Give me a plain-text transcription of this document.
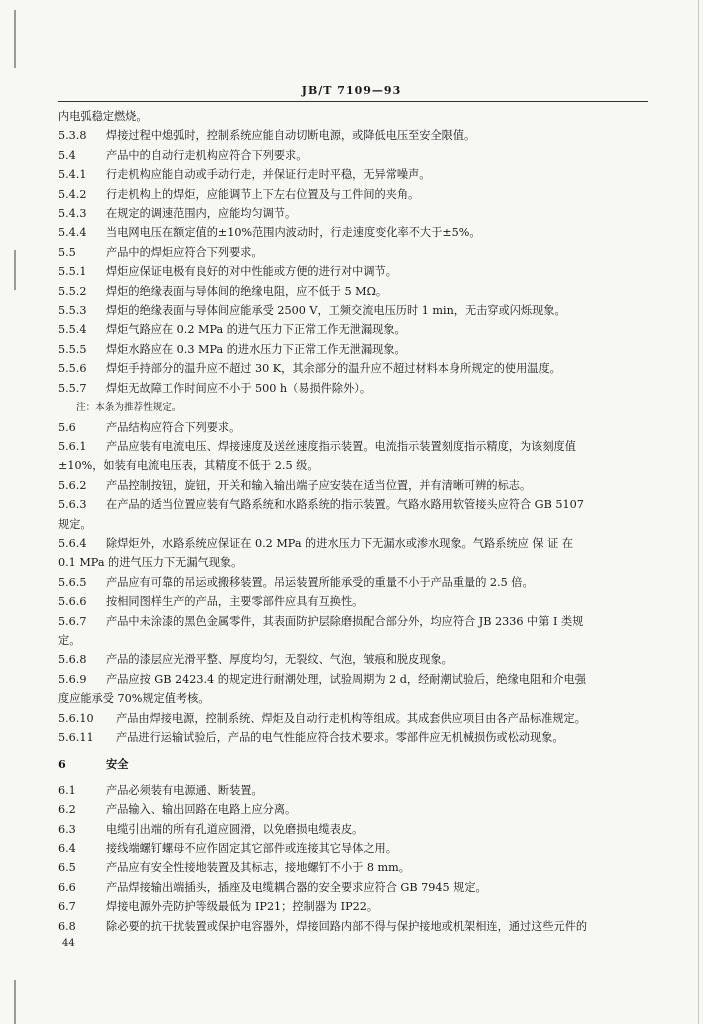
JB/T 7109—93
内电弧稳定燃烧。
5.3.8 焊接过程中熄弧时，控制系统应能自动切断电源，或降低电压至安全限值。
5.4	产品中的自动行走机构应符合下列要求。
5.4.1 行走机构应能自动或手动行走，并保证行走时平稳，无异常噪声。
5.4.2 行走机构上的焊炬，应能调节上下左右位置及与工件间的夹角。
5.4.3 在规定的调速范围内，应能均匀调节。
5.4.4 当电网电压在额定值的±10%范围内波动时，行走速度变化率不大于±5%。
5.5	产品中的焊炬应符合下列要求。
5.5.1 焊炬应保证电极有良好的对中性能或方便的进行对中调节。
5.5.2 焊炬的绝缘表面与导体间的绝缘电阻，应不低于 5 MΩ。
5.5.3 焊炬的绝缘表面与导体间应能承受 2500 V，工频交流电压历时 1 min，无击穿或闪烁现象。
5.5.4 焊炬气路应在 0.2 MPa 的进气压力下正常工作无泄漏现象。
5.5.5 焊炬水路应在 0.3 MPa 的进水压力下正常工作无泄漏现象。
5.5.6 焊炬手持部分的温升应不超过 30 K，其余部分的温升应不超过材料本身所规定的使用温度。
5.5.7 焊炬无故障工作时间应不小于 500 h（易损件除外）。
注：本条为推荐性规定。
5.6	产品结构应符合下列要求。
5.6.1 产品应装有电流电压、焊接速度及送丝速度指示装置。电流指示装置刻度指示精度，为该刻度值
±10%，如装有电流电压表，其精度不低于 2.5 级。
5.6.2 产品控制按钮，旋钮，开关和输入输出端子应安装在适当位置，并有清晰可辨的标志。
5.6.3 在产品的适当位置应装有气路系统和水路系统的指示装置。气路水路用软管接头应符合 GB 5107
规定。
5.6.4 除焊炬外，水路系统应保证在 0.2 MPa 的进水压力下无漏水或渗水现象。气路系统应 保 证 在
0.1 MPa 的进气压力下无漏气现象。
5.6.5 产品应有可靠的吊运或搬移装置。吊运装置所能承受的重量不小于产品重量的 2.5 倍。
5.6.6 按相同图样生产的产品，主要零部件应具有互换性。
5.6.7 产品中未涂漆的黑色金属零件，其表面防护层除磨损配合部分外，均应符合 JB 2336 中第 I 类规
定。
5.6.8 产品的漆层应光滑平整、厚度均匀，无裂纹、气泡，皱痕和脱皮现象。
5.6.9 产品应按 GB 2423.4 的规定进行耐潮处理，试验周期为 2 d，经耐潮试验后，绝缘电阻和介电强
度应能承受 70%规定值考核。
5.6.10 产品由焊接电源，控制系统、焊炬及自动行走机构等组成。其成套供应项目由各产品标准规定。
5.6.11 产品进行运输试验后，产品的电气性能应符合技术要求。零部件应无机械损伤或松动现象。
6	安全
6.1	产品必须装有电源通、断装置。
6.2	产品输入、输出回路在电路上应分离。
6.3	电缆引出端的所有孔道应圆滑，以免磨损电缆表皮。
6.4	接线端螺钉螺母不应作固定其它部件或连接其它导体之用。
6.5	产品应有安全性接地装置及其标志，接地螺钉不小于 8 mm。
6.6	产品焊接输出端插头，插座及电缆耦合器的安全要求应符合 GB 7945 规定。
6.7	焊接电源外壳防护等级最低为 IP21；控制器为 IP22。
6.8	除必要的抗干扰装置或保护电容器外，焊接回路内部不得与保护接地或机架相连，通过这些元件的
44
